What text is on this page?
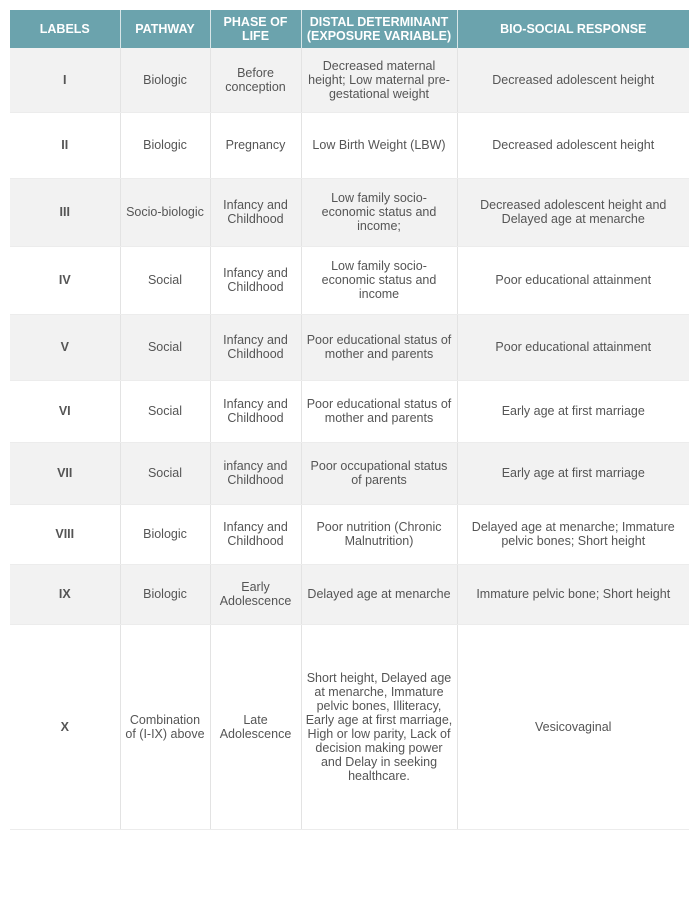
LABELS	PATHWAY	PHASE OF LIFE	DISTAL DETERMINANT (EXPOSURE VARIABLE)	BIO-SOCIAL RESPONSE
I	Biologic	Before conception	Decreased maternal height; Low maternal pre-gestational weight	Decreased adolescent height
II	Biologic	Pregnancy	Low Birth Weight (LBW)	Decreased adolescent height
III	Socio-biologic	Infancy and Childhood	Low family socio-economic status and income;	Decreased adolescent height and Delayed age at menarche
IV	Social	Infancy and Childhood	Low family socio-economic status and income	Poor educational attainment
V	Social	Infancy and Childhood	Poor educational status of mother and parents	Poor educational attainment
VI	Social	Infancy and Childhood	Poor educational status of mother and parents	Early age at first marriage
VII	Social	infancy and Childhood	Poor occupational status of parents	Early age at first marriage
VIII	Biologic	Infancy and Childhood	Poor nutrition (Chronic Malnutrition)	Delayed age at menarche; Immature pelvic bones; Short height
IX	Biologic	Early Adolescence	Delayed age at menarche	Immature pelvic bone; Short height
X	Combination of (I-IX) above	Late Adolescence	Short height, Delayed age at menarche, Immature pelvic bones, Illiteracy, Early age at first marriage, High or low parity, Lack of decision making power and Delay in seeking healthcare.	Vesicovaginal
